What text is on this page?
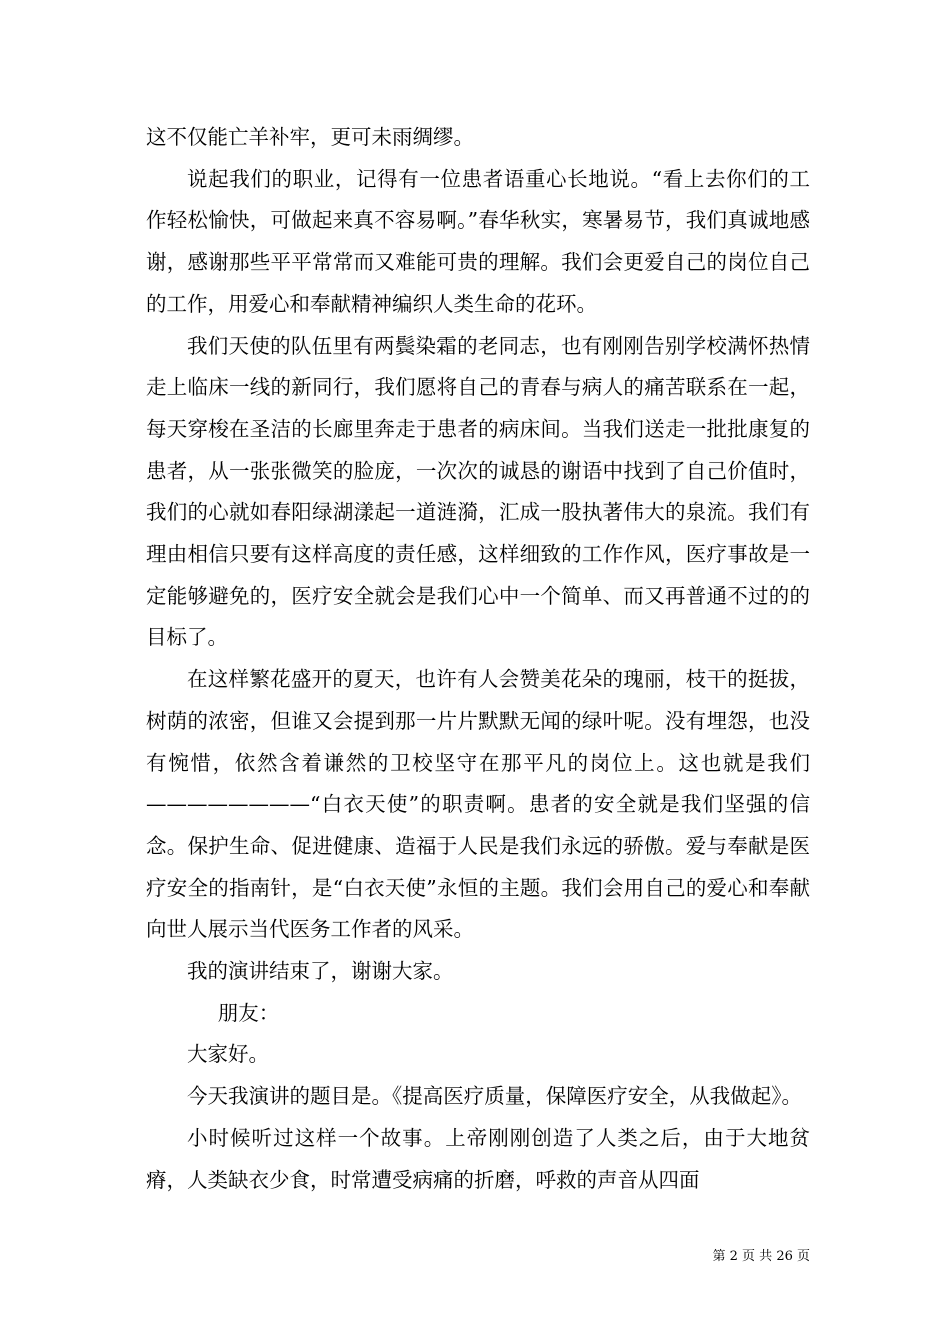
这不仅能亡羊补牢，更可未雨绸缪。

说起我们的职业，记得有一位患者语重心长地说。“看上去你们的工作轻松愉快，可做起来真不容易啊。”春华秋实，寒暑易节，我们真诚地感谢，感谢那些平平常常而又难能可贵的理解。我们会更爱自己的岗位自己的工作，用爱心和奉献精神编织人类生命的花环。

我们天使的队伍里有两鬓染霜的老同志，也有刚刚告别学校满怀热情走上临床一线的新同行，我们愿将自己的青春与病人的痛苦联系在一起，每天穿梭在圣洁的长廊里奔走于患者的病床间。当我们送走一批批康复的患者，从一张张微笑的脸庞，一次次的诚恳的谢语中找到了自己价值时，我们的心就如春阳绿湖漾起一道涟漪，汇成一股执著伟大的泉流。我们有理由相信只要有这样高度的责任感，这样细致的工作作风，医疗事故是一定能够避免的，医疗安全就会是我们心中一个简单、而又再普通不过的的目标了。

在这样繁花盛开的夏天，也许有人会赞美花朵的瑰丽，枝干的挺拔，树荫的浓密，但谁又会提到那一片片默默无闻的绿叶呢。没有埋怨，也没有惋惜，依然含着谦然的卫校坚守在那平凡的岗位上。这也就是我们————————“白衣天使”的职责啊。患者的安全就是我们坚强的信念。保护生命、促进健康、造福于人民是我们永远的骄傲。爱与奉献是医疗安全的指南针，是“白衣天使”永恒的主题。我们会用自己的爱心和奉献向世人展示当代医务工作者的风采。

我的演讲结束了，谢谢大家。

朋友：

大家好。

今天我演讲的题目是。《提高医疗质量，保障医疗安全，从我做起》。

小时候听过这样一个故事。上帝刚刚创造了人类之后，由于大地贫瘠，人类缺衣少食，时常遭受病痛的折磨，呼救的声音从四面

第 2 页 共 26 页
